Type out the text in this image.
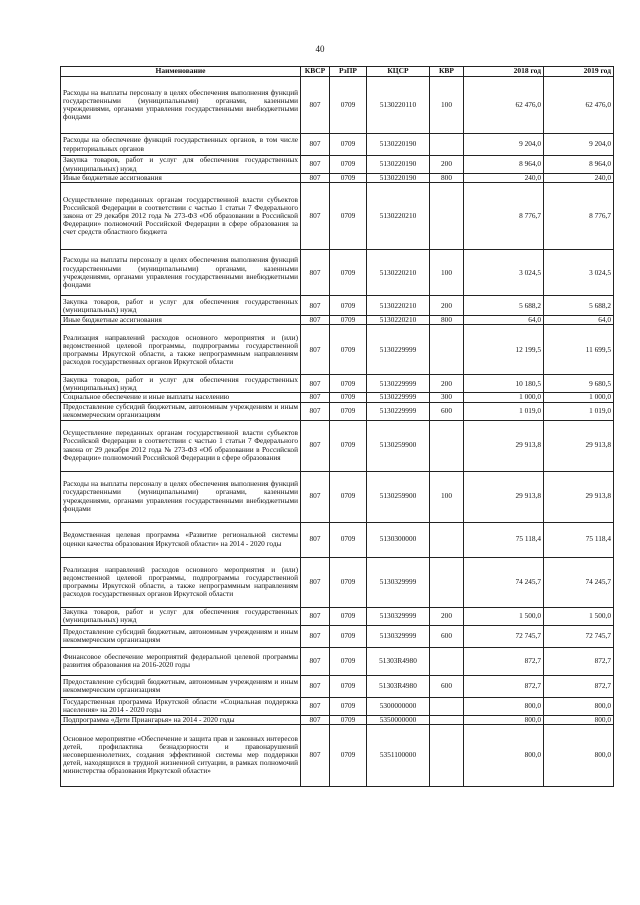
40
Наименование	КВСР	РзПР	КЦСР	КВР	2018 год	2019 год
Расходы на выплаты персоналу в целях обеспечения выполнения функций государственными (муниципальными) органами, казенными учреждениями, органами управления государственными внебюджетными фондами	807	0709	5130220110	100	62 476,0	62 476,0
Расходы на обеспечение функций государственных органов, в том числе территориальных органов	807	0709	5130220190		9 204,0	9 204,0
Закупка товаров, работ и услуг для обеспечения государственных (муниципальных) нужд	807	0709	5130220190	200	8 964,0	8 964,0
Иные бюджетные ассигнования	807	0709	5130220190	800	240,0	240,0
Осуществление переданных органам государственной власти субъектов Российской Федерации в соответствии с частью 1 статьи 7 Федерального закона от 29 декабря 2012 года № 273-ФЗ «Об образовании в Российской Федерации» полномочий Российской Федерации в сфере образования за счет средств областного бюджета	807	0709	5130220210		8 776,7	8 776,7
Расходы на выплаты персоналу в целях обеспечения выполнения функций государственными (муниципальными) органами, казенными учреждениями, органами управления государственными внебюджетными фондами	807	0709	5130220210	100	3 024,5	3 024,5
Закупка товаров, работ и услуг для обеспечения государственных (муниципальных) нужд	807	0709	5130220210	200	5 688,2	5 688,2
Иные бюджетные ассигнования	807	0709	5130220210	800	64,0	64,0
Реализация направлений расходов основного мероприятия и (или) ведомственной целевой программы, подпрограммы государственной программы Иркутской области, а также непрограммным направлениям расходов государственных органов Иркутской области	807	0709	5130229999		12 199,5	11 699,5
Закупка товаров, работ и услуг для обеспечения государственных (муниципальных) нужд	807	0709	5130229999	200	10 180,5	9 680,5
Социальное обеспечение и иные выплаты населению	807	0709	5130229999	300	1 000,0	1 000,0
Предоставление субсидий бюджетным, автономным учреждениям и иным некоммерческим организациям	807	0709	5130229999	600	1 019,0	1 019,0
Осуществление переданных органам государственной власти субъектов Российской Федерации в соответствии с частью 1 статьи 7 Федерального закона от 29 декабря 2012 года № 273-ФЗ «Об образовании в Российской Федерации» полномочий Российской Федерации в сфере образования	807	0709	5130259900		29 913,8	29 913,8
Расходы на выплаты персоналу в целях обеспечения выполнения функций государственными (муниципальными) органами, казенными учреждениями, органами управления государственными внебюджетными фондами	807	0709	5130259900	100	29 913,8	29 913,8
Ведомственная целевая программа «Развитие региональной системы оценки качества образования Иркутской области» на 2014 - 2020 годы	807	0709	5130300000		75 118,4	75 118,4
Реализация направлений расходов основного мероприятия и (или) ведомственной целевой программы, подпрограммы государственной программы Иркутской области, а также непрограммным направлениям расходов государственных органов Иркутской области	807	0709	5130329999		74 245,7	74 245,7
Закупка товаров, работ и услуг для обеспечения государственных (муниципальных) нужд	807	0709	5130329999	200	1 500,0	1 500,0
Предоставление субсидий бюджетным, автономным учреждениям и иным некоммерческим организациям	807	0709	5130329999	600	72 745,7	72 745,7
Финансовое обеспечение мероприятий федеральной целевой программы развития образования на 2016-2020 годы	807	0709	51303R4980		872,7	872,7
Предоставление субсидий бюджетным, автономным учреждениям и иным некоммерческим организациям	807	0709	51303R4980	600	872,7	872,7
Государственная программа Иркутской области «Социальная поддержка населения» на 2014 - 2020 годы	807	0709	5300000000		800,0	800,0
Подпрограмма «Дети Приангарья» на 2014 - 2020 годы	807	0709	5350000000		800,0	800,0
Основное мероприятие «Обеспечение и защита прав и законных интересов детей, профилактика безнадзорности и правонарушений несовершеннолетних, создания эффективной системы мер поддержки детей, находящихся в трудной жизненной ситуации, в рамках полномочий министерства образования Иркутской области»	807	0709	5351100000		800,0	800,0
